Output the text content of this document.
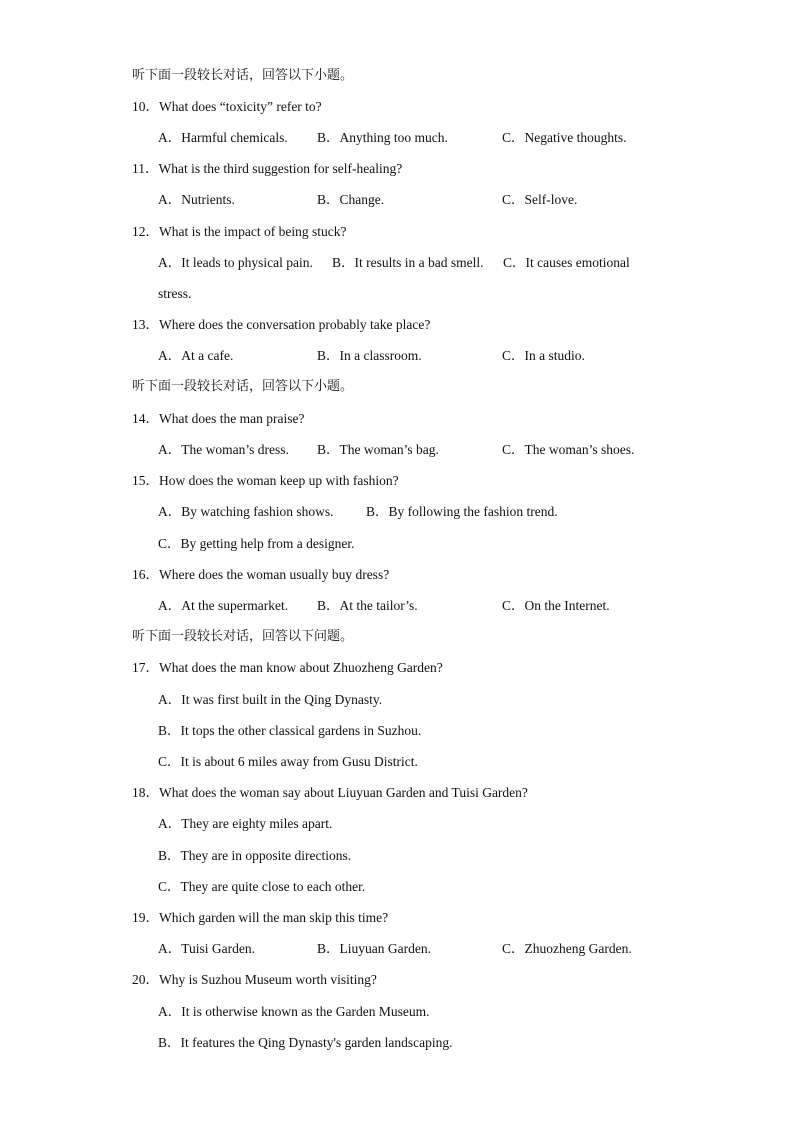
听下面一段较长对话，回答以下小题。
10．What does “toxicity” refer to?
A．Harmful chemicals. B．Anything too much.	C．Negative thoughts.
11．What is the third suggestion for self-healing?
A．Nutrients.	B．Change.	C．Self-love.
12．What is the impact of being stuck?
A．It leads to physical pain. B．It results in a bad smell. C．It causes emotional
stress.
13．Where does the conversation probably take place?
A．At a cafe.	B．In a classroom.	C．In a studio.
听下面一段较长对话，回答以下小题。
14．What does the man praise?
A．The woman’s dress. B．The woman’s bag.	C．The woman’s shoes.
15．How does the woman keep up with fashion?
A．By watching fashion shows. B．By following the fashion trend.
C．By getting help from a designer.
16．Where does the woman usually buy dress?
A．At the supermarket. B．At the tailor’s.	C．On the Internet.
听下面一段较长对话，回答以下问题。
17．What does the man know about Zhuozheng Garden?
A．It was first built in the Qing Dynasty.
B．It tops the other classical gardens in Suzhou.
C．It is about 6 miles away from Gusu District.
18．What does the woman say about Liuyuan Garden and Tuisi Garden?
A．They are eighty miles apart.
B．They are in opposite directions.
C．They are quite close to each other.
19．Which garden will the man skip this time?
A．Tuisi Garden.	B．Liuyuan Garden.	C．Zhuozheng Garden.
20．Why is Suzhou Museum worth visiting?
A．It is otherwise known as the Garden Museum.
B．It features the Qing Dynasty's garden landscaping.
